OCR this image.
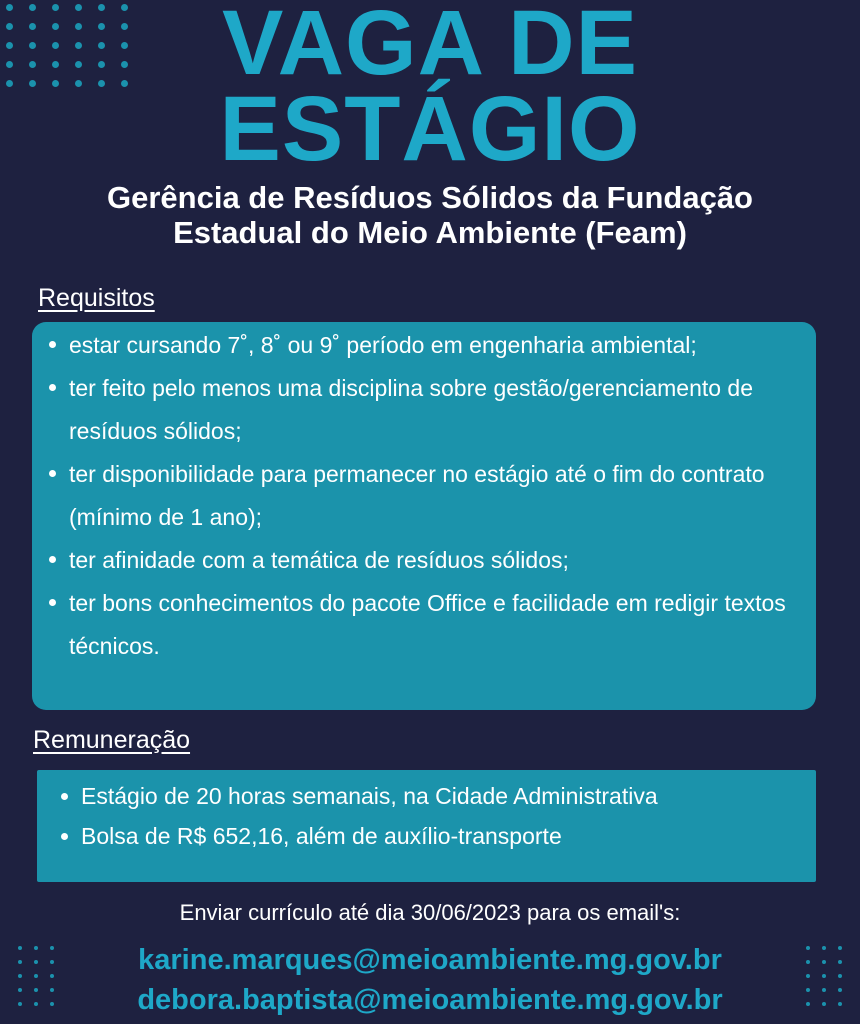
VAGA DE
ESTÁGIO
Gerência de Resíduos Sólidos da Fundação
Estadual do Meio Ambiente (Feam)

Requisitos

estar cursando 7˚, 8˚ ou 9˚ período em engenharia ambiental;
ter feito pelo menos uma disciplina sobre gestão/gerenciamento de resíduos sólidos;
ter disponibilidade para permanecer no estágio até o fim do contrato (mínimo de 1 ano);
ter afinidade com a temática de resíduos sólidos;
ter bons conhecimentos do pacote Office e facilidade em redigir textos técnicos.

Remuneração

Estágio de 20 horas semanais, na Cidade Administrativa
Bolsa de R$ 652,16, além de auxílio-transporte

Enviar currículo até dia 30/06/2023 para os email's:

karine.marques@meioambiente.mg.gov.br

debora.baptista@meioambiente.mg.gov.br
